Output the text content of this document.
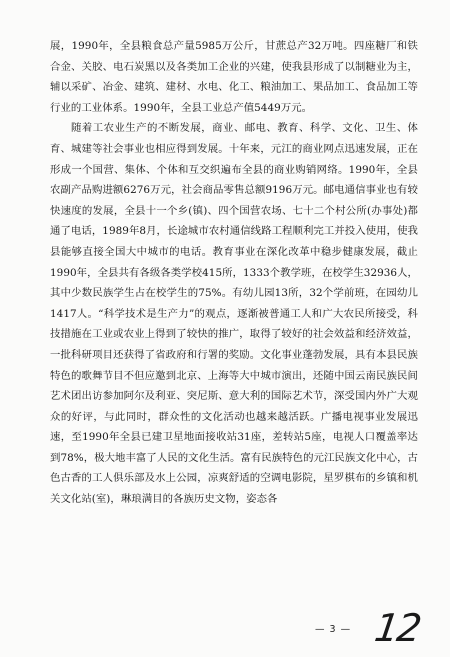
展，1990年，全县粮食总产量5985万公斤，甘蔗总产32万吨。四座糖厂和铁合金、关胶、电石炭黑以及各类加工企业的兴建，使我县形成了以制糖业为主，辅以采矿、冶金、建筑、建材、水电、化工、粮油加工、果品加工、食品加工等行业的工业体系。1990年，全县工业总产值5449万元。

随着工农业生产的不断发展，商业、邮电、教育、科学、文化、卫生、体育、城建等社会事业也相应得到发展。十年来，元江的商业网点迅速发展，正在形成一个国营、集体、个体和互交织遍布全县的商业购销网络。1990年，全县农副产品购进额6276万元，社会商品零售总额9196万元。邮电通信事业也有较快速度的发展，全县十一个乡(镇)、四个国营农场、七十二个村公所(办事处)都通了电话，1989年8月，长途城市农村通信线路工程顺利完工并投入使用，使我县能够直接全国大中城市的电话。教育事业在深化改革中稳步健康发展，截止1990年，全县共有各级各类学校415所，1333个教学班，在校学生32936人，其中少数民族学生占在校学生的75%。有幼儿园13所，32个学前班，在园幼儿1417人。“科学技术是生产力”的观点，逐渐被普通工人和广大农民所接受，科技措施在工业或农业上得到了较快的推广，取得了较好的社会效益和经济效益，一批科研项目还获得了省政府和行署的奖励。文化事业蓬勃发展，具有本县民族特色的歌舞节目不但应邀到北京、上海等大中城市演出，还随中国云南民族民间艺术团出访参加阿尔及利亚、突尼斯、意大利的国际艺术节，深受国内外广大观众的好评，与此同时，群众性的文化活动也越来越活跃。广播电视事业发展迅速，至1990年全县已建卫星地面接收站31座，差转站5座，电视人口覆盖率达到78%，极大地丰富了人民的文化生活。富有民族特色的元江民族文化中心，古色古香的工人俱乐部及水上公园，凉爽舒适的空调电影院，星罗棋布的乡镇和机关文化站(室)，琳琅满目的各族历史文物，姿态各

— 3 — 12
